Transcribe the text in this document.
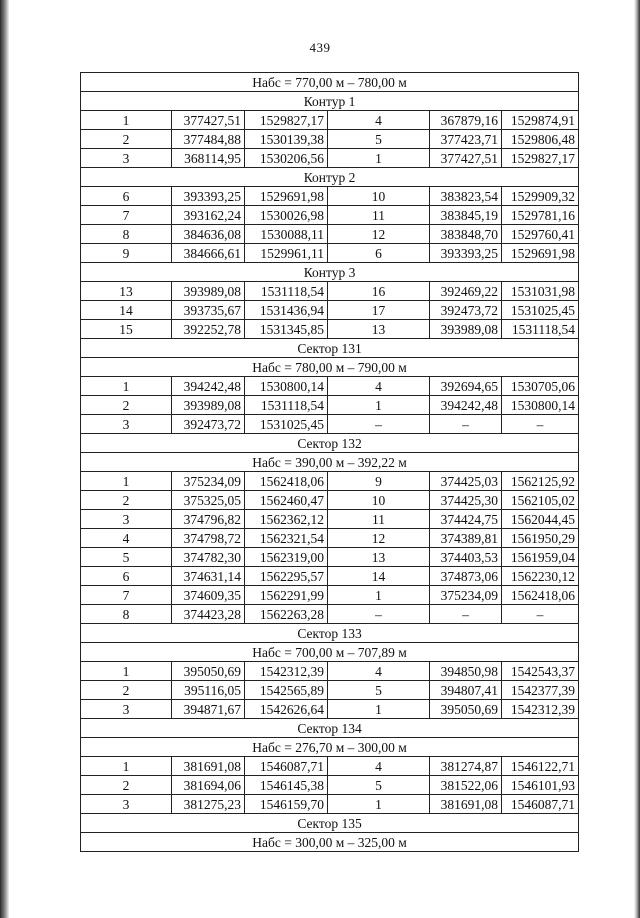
439
Набс = 770,00 м – 780,00 м					
Контур 1					
1	377427,51	1529827,17	4	367879,16	1529874,91
2	377484,88	1530139,38	5	377423,71	1529806,48
3	368114,95	1530206,56	1	377427,51	1529827,17
Контур 2					
6	393393,25	1529691,98	10	383823,54	1529909,32
7	393162,24	1530026,98	11	383845,19	1529781,16
8	384636,08	1530088,11	12	383848,70	1529760,41
9	384666,61	1529961,11	6	393393,25	1529691,98
Контур 3					
13	393989,08	1531118,54	16	392469,22	1531031,98
14	393735,67	1531436,94	17	392473,72	1531025,45
15	392252,78	1531345,85	13	393989,08	1531118,54
Сектор 131					
Набс = 780,00 м – 790,00 м					
1	394242,48	1530800,14	4	392694,65	1530705,06
2	393989,08	1531118,54	1	394242,48	1530800,14
3	392473,72	1531025,45	–	–	–
Сектор 132					
Набс = 390,00 м – 392,22 м					
1	375234,09	1562418,06	9	374425,03	1562125,92
2	375325,05	1562460,47	10	374425,30	1562105,02
3	374796,82	1562362,12	11	374424,75	1562044,45
4	374798,72	1562321,54	12	374389,81	1561950,29
5	374782,30	1562319,00	13	374403,53	1561959,04
6	374631,14	1562295,57	14	374873,06	1562230,12
7	374609,35	1562291,99	1	375234,09	1562418,06
8	374423,28	1562263,28	–	–	–
Сектор 133					
Набс = 700,00 м – 707,89 м					
1	395050,69	1542312,39	4	394850,98	1542543,37
2	395116,05	1542565,89	5	394807,41	1542377,39
3	394871,67	1542626,64	1	395050,69	1542312,39
Сектор 134					
Набс = 276,70 м – 300,00 м					
1	381691,08	1546087,71	4	381274,87	1546122,71
2	381694,06	1546145,38	5	381522,06	1546101,93
3	381275,23	1546159,70	1	381691,08	1546087,71
Сектор 135					
Набс = 300,00 м – 325,00 м					
